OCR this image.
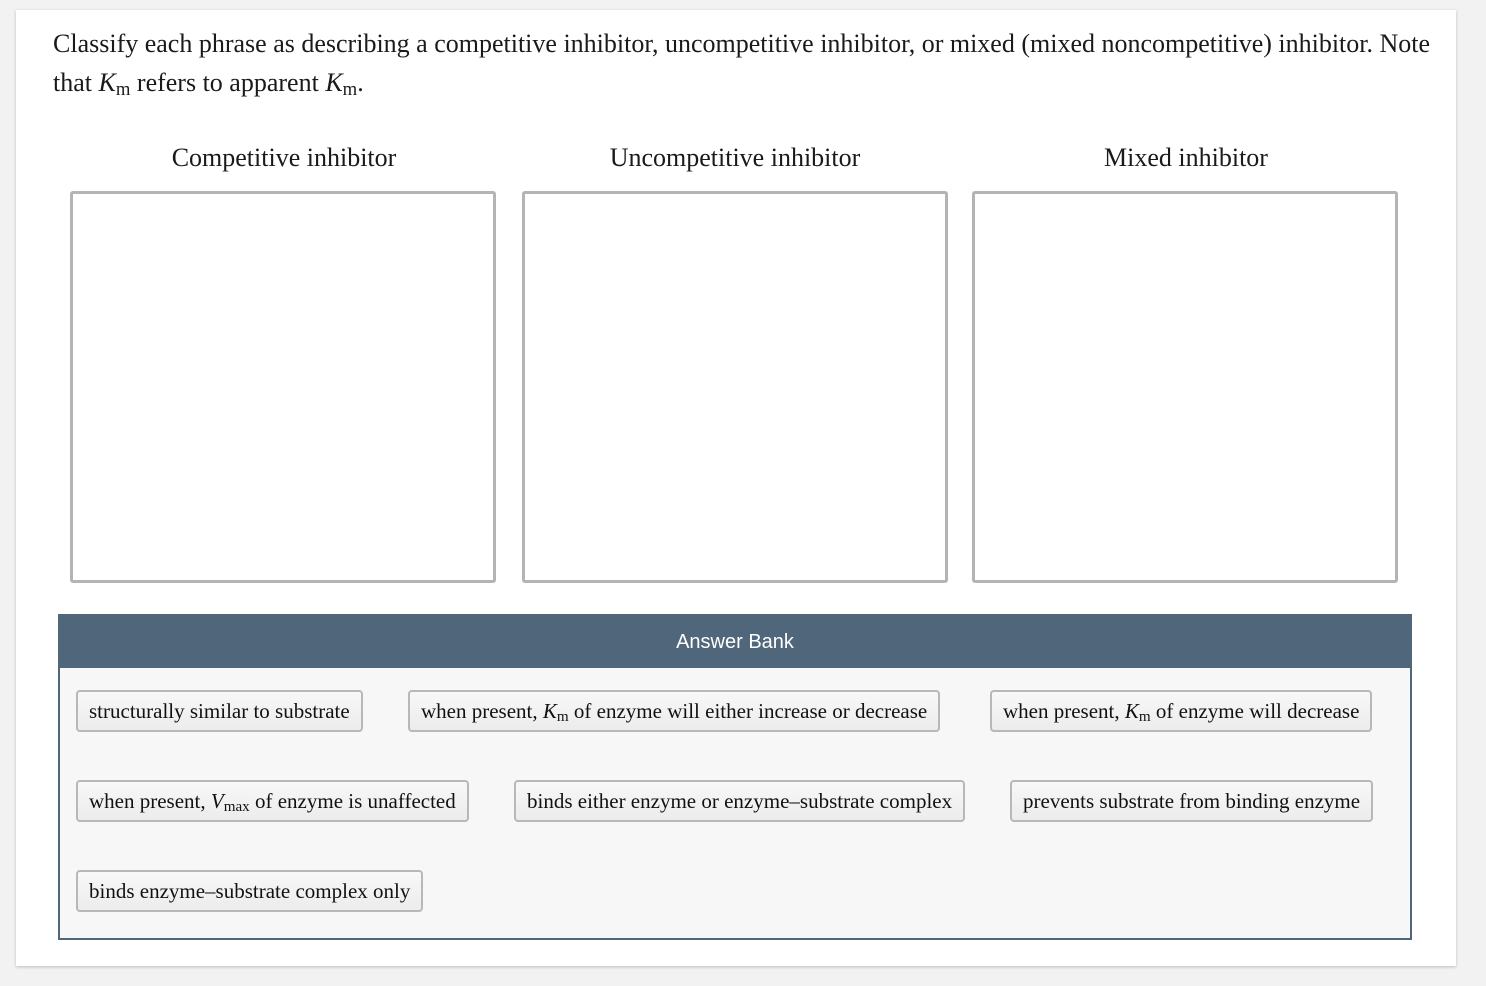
Classify each phrase as describing a competitive inhibitor, uncompetitive inhibitor, or mixed (mixed noncompetitive) inhibitor. Note that Km refers to apparent Km.
Competitive inhibitor	Uncompetitive inhibitor	Mixed inhibitor
Answer Bank
structurally similar to substrate	when present, Km of enzyme will either increase or decrease	when present, Km of enzyme will decrease
when present, Vmax of enzyme is unaffected	binds either enzyme or enzyme–substrate complex	prevents substrate from binding enzyme
binds enzyme–substrate complex only
